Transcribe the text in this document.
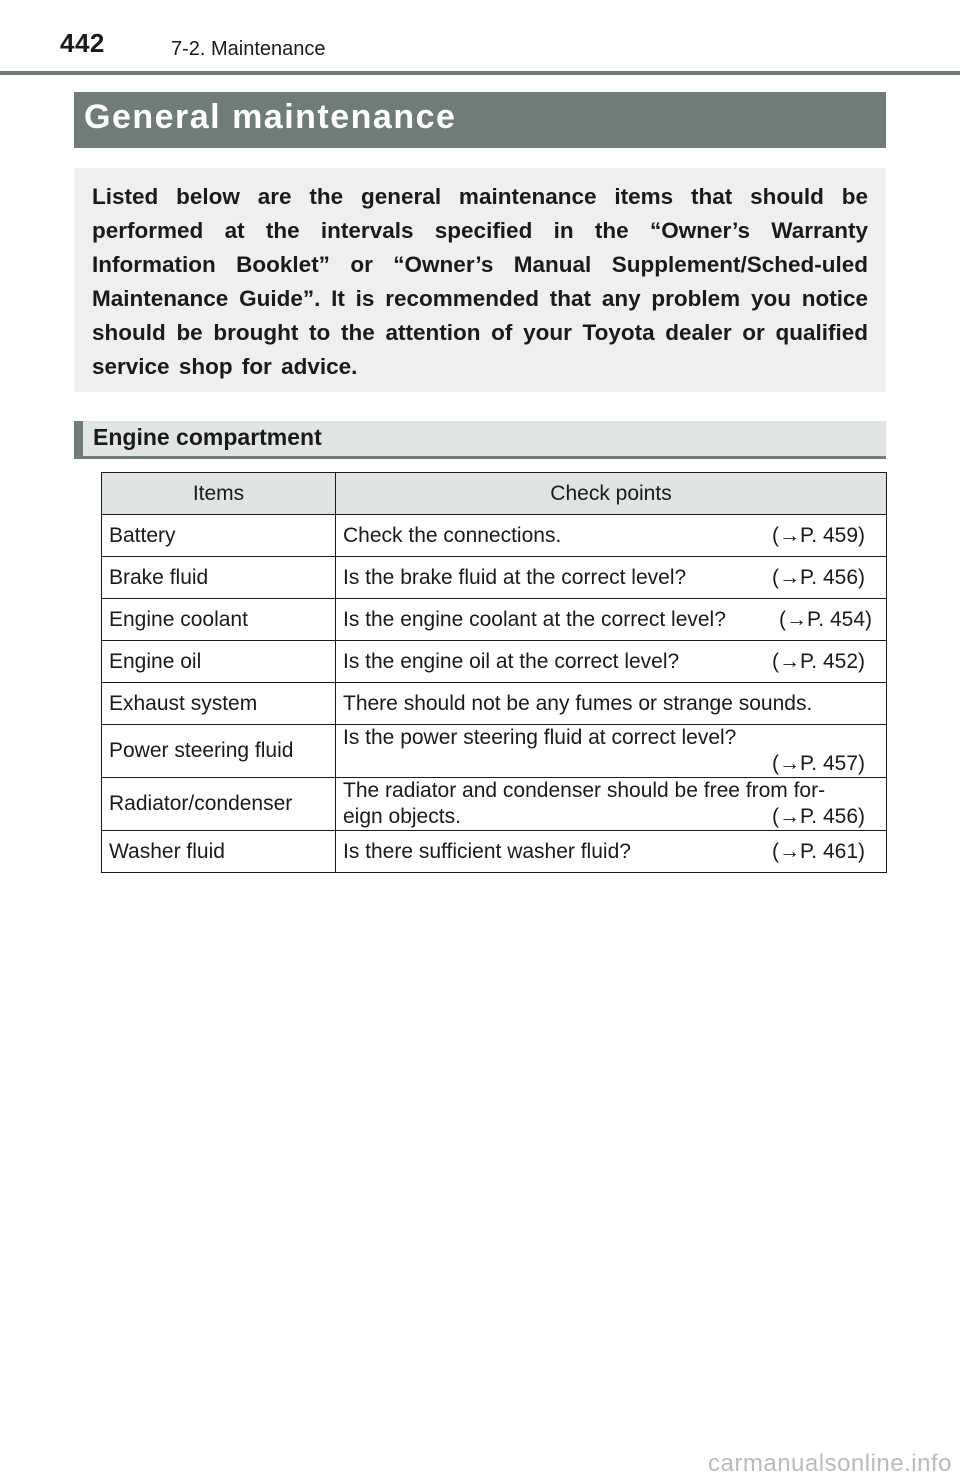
442	7-2. Maintenance
General maintenance

Listed below are the general maintenance items that should be performed at the intervals specified in the “Owner’s Warranty Information Booklet” or “Owner’s Manual Supplement/Sched-uled Maintenance Guide”. It is recommended that any problem you notice should be brought to the attention of your Toyota dealer or qualified service shop for advice.

Engine compartment
Items	Check points
Battery	Check the connections. (→P. 459)

Brake fluid	Is the brake fluid at the correct level? (→P. 456)

Engine coolant	Is the engine coolant at the correct level? (→P. 454)

Engine oil	Is the engine oil at the correct level? (→P. 452)

Exhaust system	There should not be any fumes or strange sounds.
Power steering fluid	Is the power steering fluid at correct level?
(→P. 457)

Radiator/condenser	The radiator and condenser should be free from for-
eign objects. (→P. 456)

Washer fluid	Is there sufficient washer fluid? (→P. 461)
carmanualsonline.info
